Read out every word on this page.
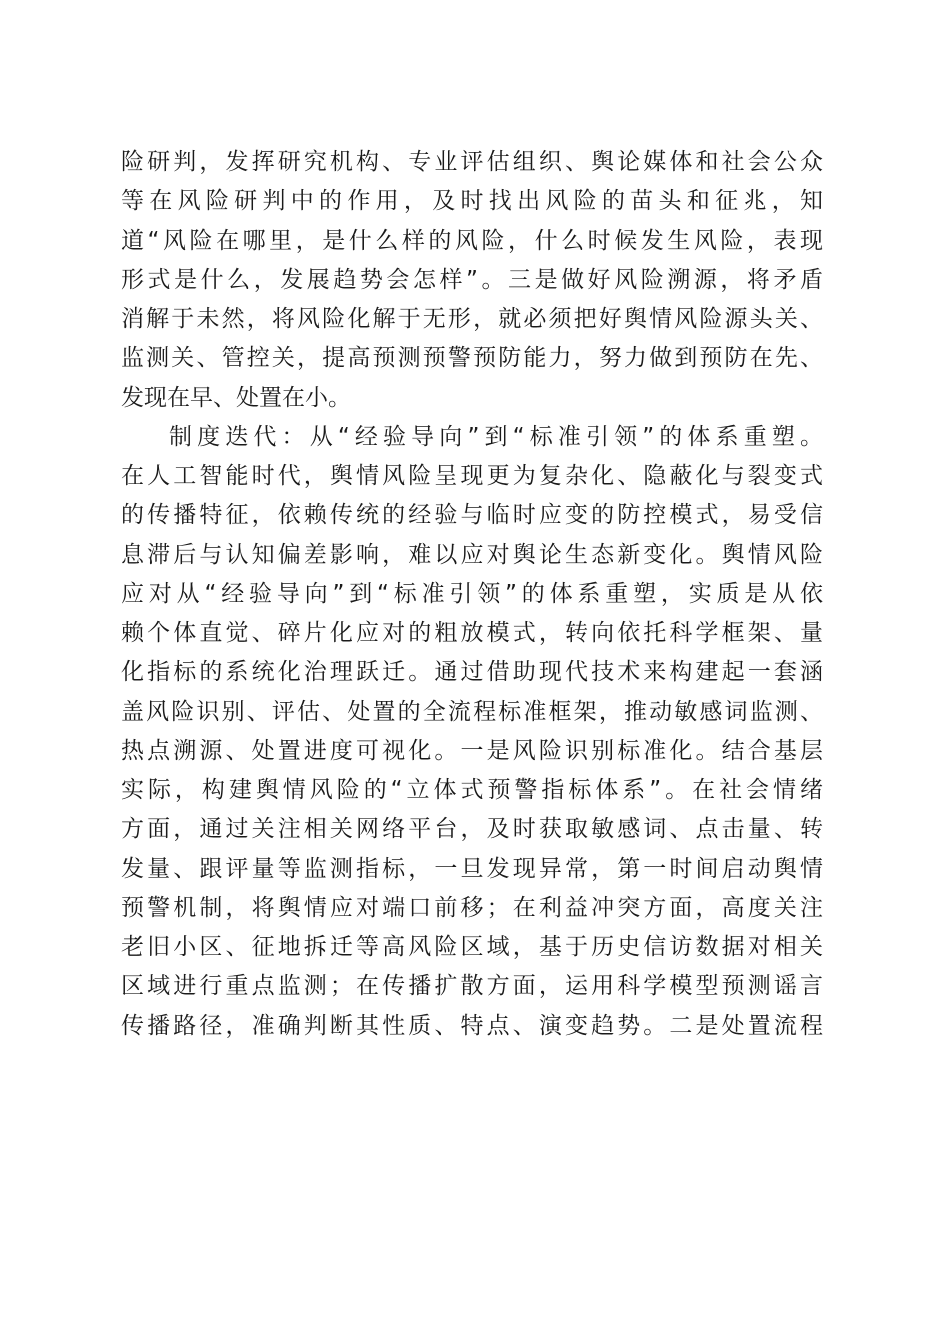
险研判，发挥研究机构、专业评估组织、舆论媒体和社会公众
等在风险研判中的作用，及时找出风险的苗头和征兆，知
道“风险在哪里，是什么样的风险，什么时候发生风险，表现
形式是什么，发展趋势会怎样”。三是做好风险溯源，将矛盾
消解于未然，将风险化解于无形，就必须把好舆情风险源头关、
监测关、管控关，提高预测预警预防能力，努力做到预防在先、
发现在早、处置在小。
制度迭代：从“经验导向”到“标准引领”的体系重塑。
在人工智能时代，舆情风险呈现更为复杂化、隐蔽化与裂变式
的传播特征，依赖传统的经验与临时应变的防控模式，易受信
息滞后与认知偏差影响，难以应对舆论生态新变化。舆情风险
应对从“经验导向”到“标准引领”的体系重塑，实质是从依
赖个体直觉、碎片化应对的粗放模式，转向依托科学框架、量
化指标的系统化治理跃迁。通过借助现代技术来构建起一套涵
盖风险识别、评估、处置的全流程标准框架，推动敏感词监测、
热点溯源、处置进度可视化。一是风险识别标准化。结合基层
实际，构建舆情风险的“立体式预警指标体系”。在社会情绪
方面，通过关注相关网络平台，及时获取敏感词、点击量、转
发量、跟评量等监测指标，一旦发现异常，第一时间启动舆情
预警机制，将舆情应对端口前移；在利益冲突方面，高度关注
老旧小区、征地拆迁等高风险区域，基于历史信访数据对相关
区域进行重点监测；在传播扩散方面，运用科学模型预测谣言
传播路径，准确判断其性质、特点、演变趋势。二是处置流程
